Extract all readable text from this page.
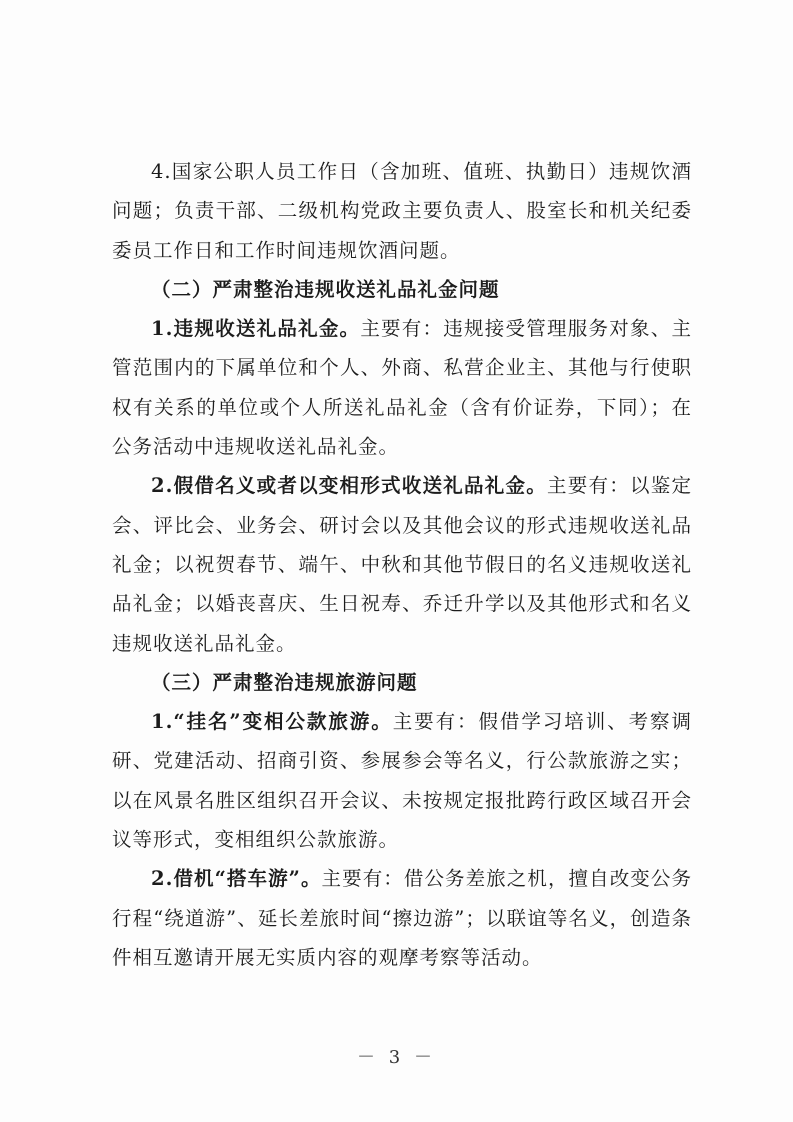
4.国家公职人员工作日（含加班、值班、执勤日）违规饮酒问题；负责干部、二级机构党政主要负责人、股室长和机关纪委委员工作日和工作时间违规饮酒问题。

（二）严肃整治违规收送礼品礼金问题

1.违规收送礼品礼金。主要有：违规接受管理服务对象、主管范围内的下属单位和个人、外商、私营企业主、其他与行使职权有关系的单位或个人所送礼品礼金（含有价证券，下同）；在公务活动中违规收送礼品礼金。

2.假借名义或者以变相形式收送礼品礼金。主要有：以鉴定会、评比会、业务会、研讨会以及其他会议的形式违规收送礼品礼金；以祝贺春节、端午、中秋和其他节假日的名义违规收送礼品礼金；以婚丧喜庆、生日祝寿、乔迁升学以及其他形式和名义违规收送礼品礼金。

（三）严肃整治违规旅游问题

1.“挂名”变相公款旅游。主要有：假借学习培训、考察调研、党建活动、招商引资、参展参会等名义，行公款旅游之实；以在风景名胜区组织召开会议、未按规定报批跨行政区域召开会议等形式，变相组织公款旅游。

2.借机“搭车游”。主要有：借公务差旅之机，擅自改变公务行程“绕道游”、延长差旅时间“擦边游”；以联谊等名义，创造条件相互邀请开展无实质内容的观摩考察等活动。

－ 3 －
